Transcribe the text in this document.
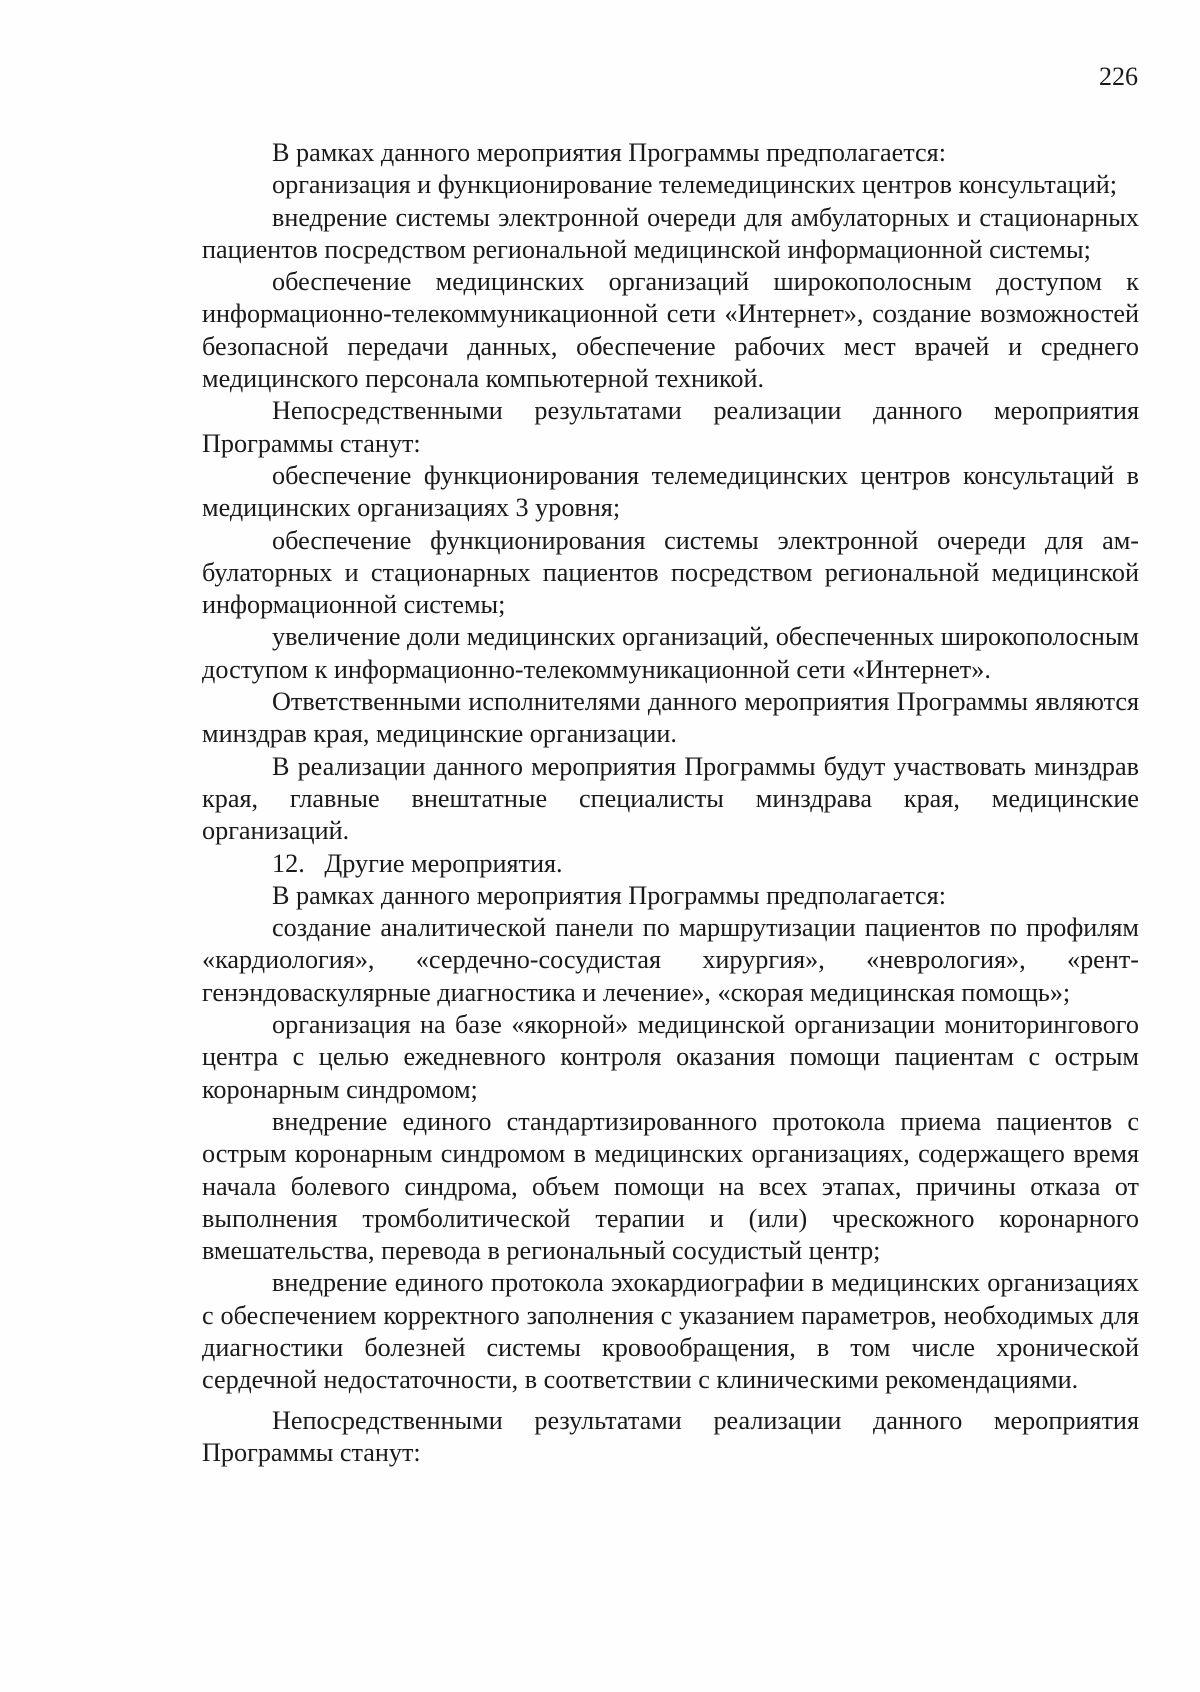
226

В рамках данного мероприятия Программы предполагается:

организация и функционирование телемедицинских центров консультаций;

внедрение системы электронной очереди для амбулаторных и стационарных пациентов посредством региональной медицинской информационной системы;

обеспечение медицинских организаций широкополосным доступом к информационно-телекоммуникационной сети «Интернет», создание возможностей безопасной передачи данных, обеспечение рабочих мест врачей и среднего медицинского персонала компьютерной техникой.

Непосредственными результатами реализации данного мероприятия Программы станут:

обеспечение функционирования телемедицинских центров консультаций в медицинских организациях 3 уровня;

обеспечение функционирования системы электронной очереди для амбулаторных и стационарных пациентов посредством региональной медицинской информационной системы;

увеличение доли медицинских организаций, обеспеченных широкополосным доступом к информационно-телекоммуникационной сети «Интернет».

Ответственными исполнителями данного мероприятия Программы являются минздрав края, медицинские организации.

В реализации данного мероприятия Программы будут участвовать минздрав края, главные внештатные специалисты минздрава края, медицинские организаций.

12.   Другие мероприятия.

В рамках данного мероприятия Программы предполагается:

создание аналитической панели по маршрутизации пациентов по профилям «кардиология», «сердечно-сосудистая хирургия», «неврология», «рентгенэндоваскулярные диагностика и лечение», «скорая медицинская помощь»;

организация на базе «якорной» медицинской организации мониторингового центра с целью ежедневного контроля оказания помощи пациентам с острым коронарным синдромом;

внедрение единого стандартизированного протокола приема пациентов с острым коронарным синдромом в медицинских организациях, содержащего время начала болевого синдрома, объем помощи на всех этапах, причины отказа от выполнения тромболитической терапии и (или) чрескожного коронарного вмешательства, перевода в региональный сосудистый центр;

внедрение единого протокола эхокардиографии в медицинских организациях с обеспечением корректного заполнения с указанием параметров, необходимых для диагностики болезней системы кровообращения, в том числе хронической сердечной недостаточности, в соответствии с клиническими рекомендациями.

Непосредственными результатами реализации данного мероприятия Программы станут:
